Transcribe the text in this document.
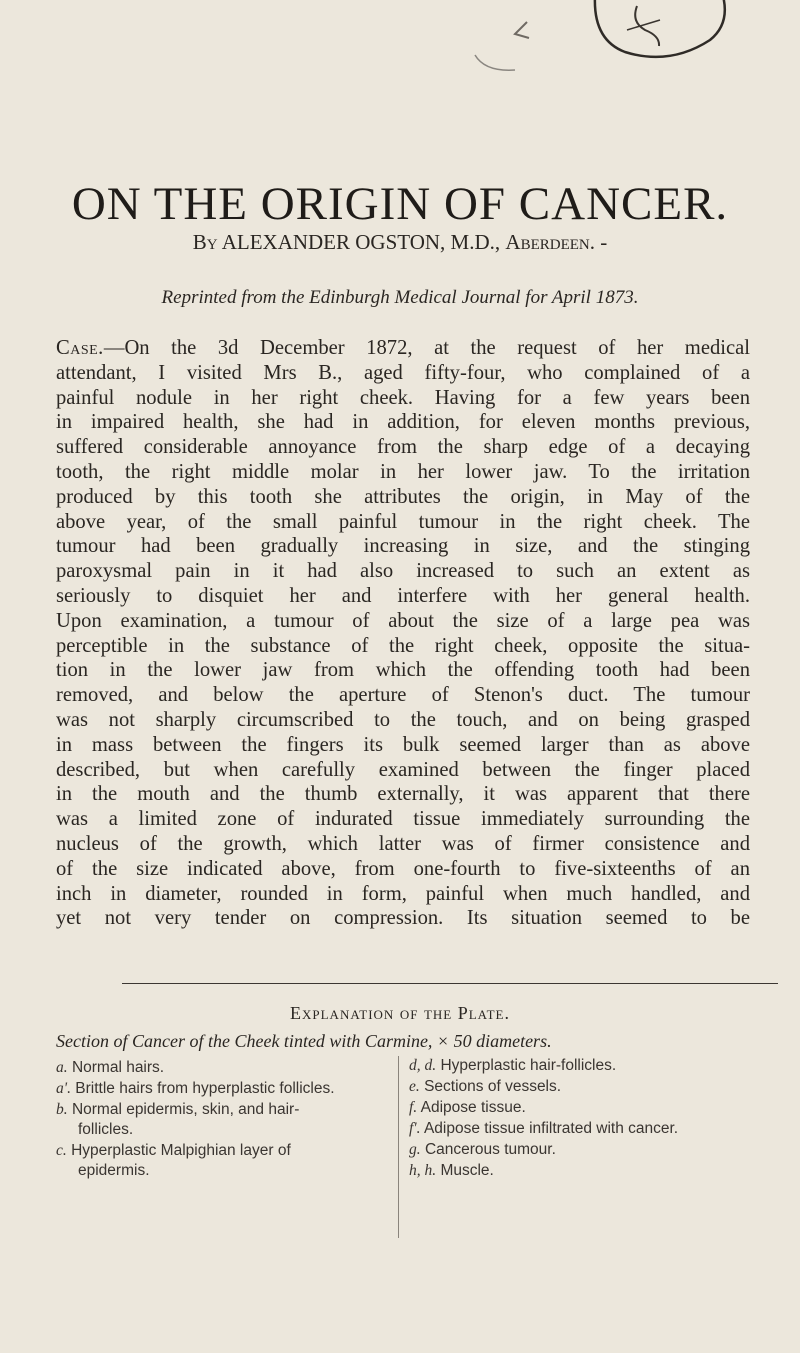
ON THE ORIGIN OF CANCER.
By ALEXANDER OGSTON, M.D., Aberdeen. -
Reprinted from the Edinburgh Medical Journal for April 1873.
Case.—On the 3d December 1872, at the request of her medical
attendant, I visited Mrs B., aged fifty-four, who complained of a
painful nodule in her right cheek. Having for a few years been
in impaired health, she had in addition, for eleven months previous,
suffered considerable annoyance from the sharp edge of a decaying
tooth, the right middle molar in her lower jaw. To the irritation
produced by this tooth she attributes the origin, in May of the
above year, of the small painful tumour in the right cheek. The
tumour had been gradually increasing in size, and the stinging
paroxysmal pain in it had also increased to such an extent as
seriously to disquiet her and interfere with her general health.
Upon examination, a tumour of about the size of a large pea was
perceptible in the substance of the right cheek, opposite the situa-
tion in the lower jaw from which the offending tooth had been
removed, and below the aperture of Stenon's duct. The tumour
was not sharply circumscribed to the touch, and on being grasped
in mass between the fingers its bulk seemed larger than as above
described, but when carefully examined between the finger placed
in the mouth and the thumb externally, it was apparent that there
was a limited zone of indurated tissue immediately surrounding the
nucleus of the growth, which latter was of firmer consistence and
of the size indicated above, from one-fourth to five-sixteenths of an
inch in diameter, rounded in form, painful when much handled, and
yet not very tender on compression. Its situation seemed to be
Explanation of the Plate.
Section of Cancer of the Cheek tinted with Carmine, × 50 diameters.
a. Normal hairs.
a'. Brittle hairs from hyperplastic follicles.
b. Normal epidermis, skin, and hair-follicles.
c. Hyperplastic Malpighian layer of epidermis.
d, d. Hyperplastic hair-follicles.
e. Sections of vessels.
f. Adipose tissue.
f'. Adipose tissue infiltrated with cancer.
g. Cancerous tumour.
h, h. Muscle.
